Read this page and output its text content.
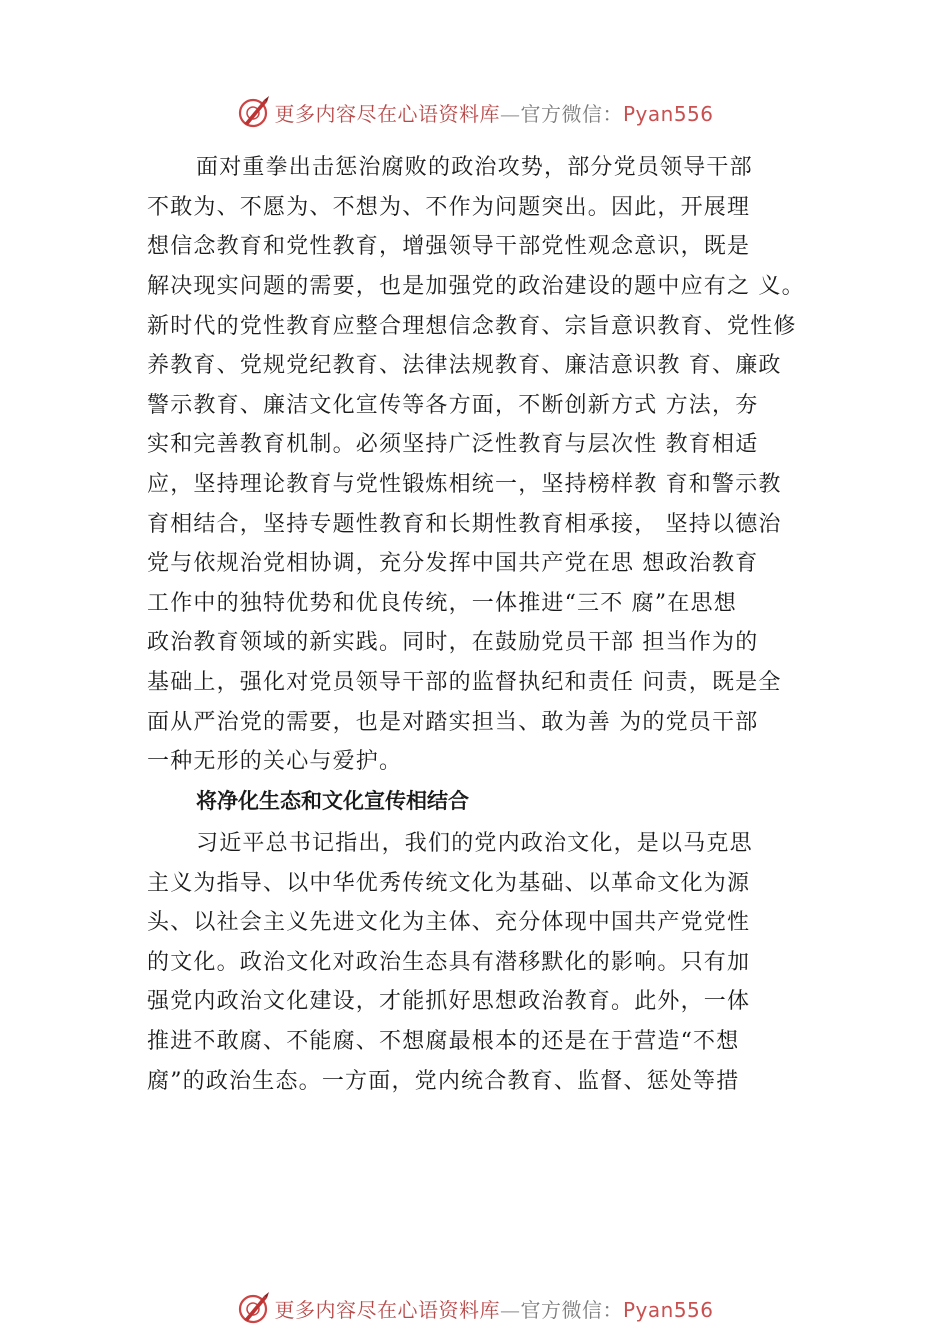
更多内容尽在心语资料库—官方微信：Pyan556
面对重拳出击惩治腐败的政治攻势，部分党员领导干部
不敢为、不愿为、不想为、不作为问题突出。因此，开展理
想信念教育和党性教育，增强领导干部党性观念意识，既是
解决现实问题的需要，也是加强党的政治建设的题中应有之 义。
新时代的党性教育应整合理想信念教育、宗旨意识教育、党性修
养教育、党规党纪教育、法律法规教育、廉洁意识教 育、廉政
警示教育、廉洁文化宣传等各方面，不断创新方式 方法，夯
实和完善教育机制。必须坚持广泛性教育与层次性 教育相适
应，坚持理论教育与党性锻炼相统一，坚持榜样教 育和警示教
育相结合，坚持专题性教育和长期性教育相承接， 坚持以德治
党与依规治党相协调，充分发挥中国共产党在思 想政治教育
工作中的独特优势和优良传统，一体推进“三不 腐”在思想
政治教育领域的新实践。同时，在鼓励党员干部 担当作为的
基础上，强化对党员领导干部的监督执纪和责任 问责，既是全
面从严治党的需要，也是对踏实担当、敢为善 为的党员干部
一种无形的关心与爱护。
将净化生态和文化宣传相结合
习近平总书记指出，我们的党内政治文化，是以马克思
主义为指导、以中华优秀传统文化为基础、以革命文化为源
头、以社会主义先进文化为主体、充分体现中国共产党党性
的文化。政治文化对政治生态具有潜移默化的影响。只有加
强党内政治文化建设，才能抓好思想政治教育。此外，一体
推进不敢腐、不能腐、不想腐最根本的还是在于营造“不想
腐”的政治生态。一方面，党内统合教育、监督、惩处等措
更多内容尽在心语资料库—官方微信：Pyan556
